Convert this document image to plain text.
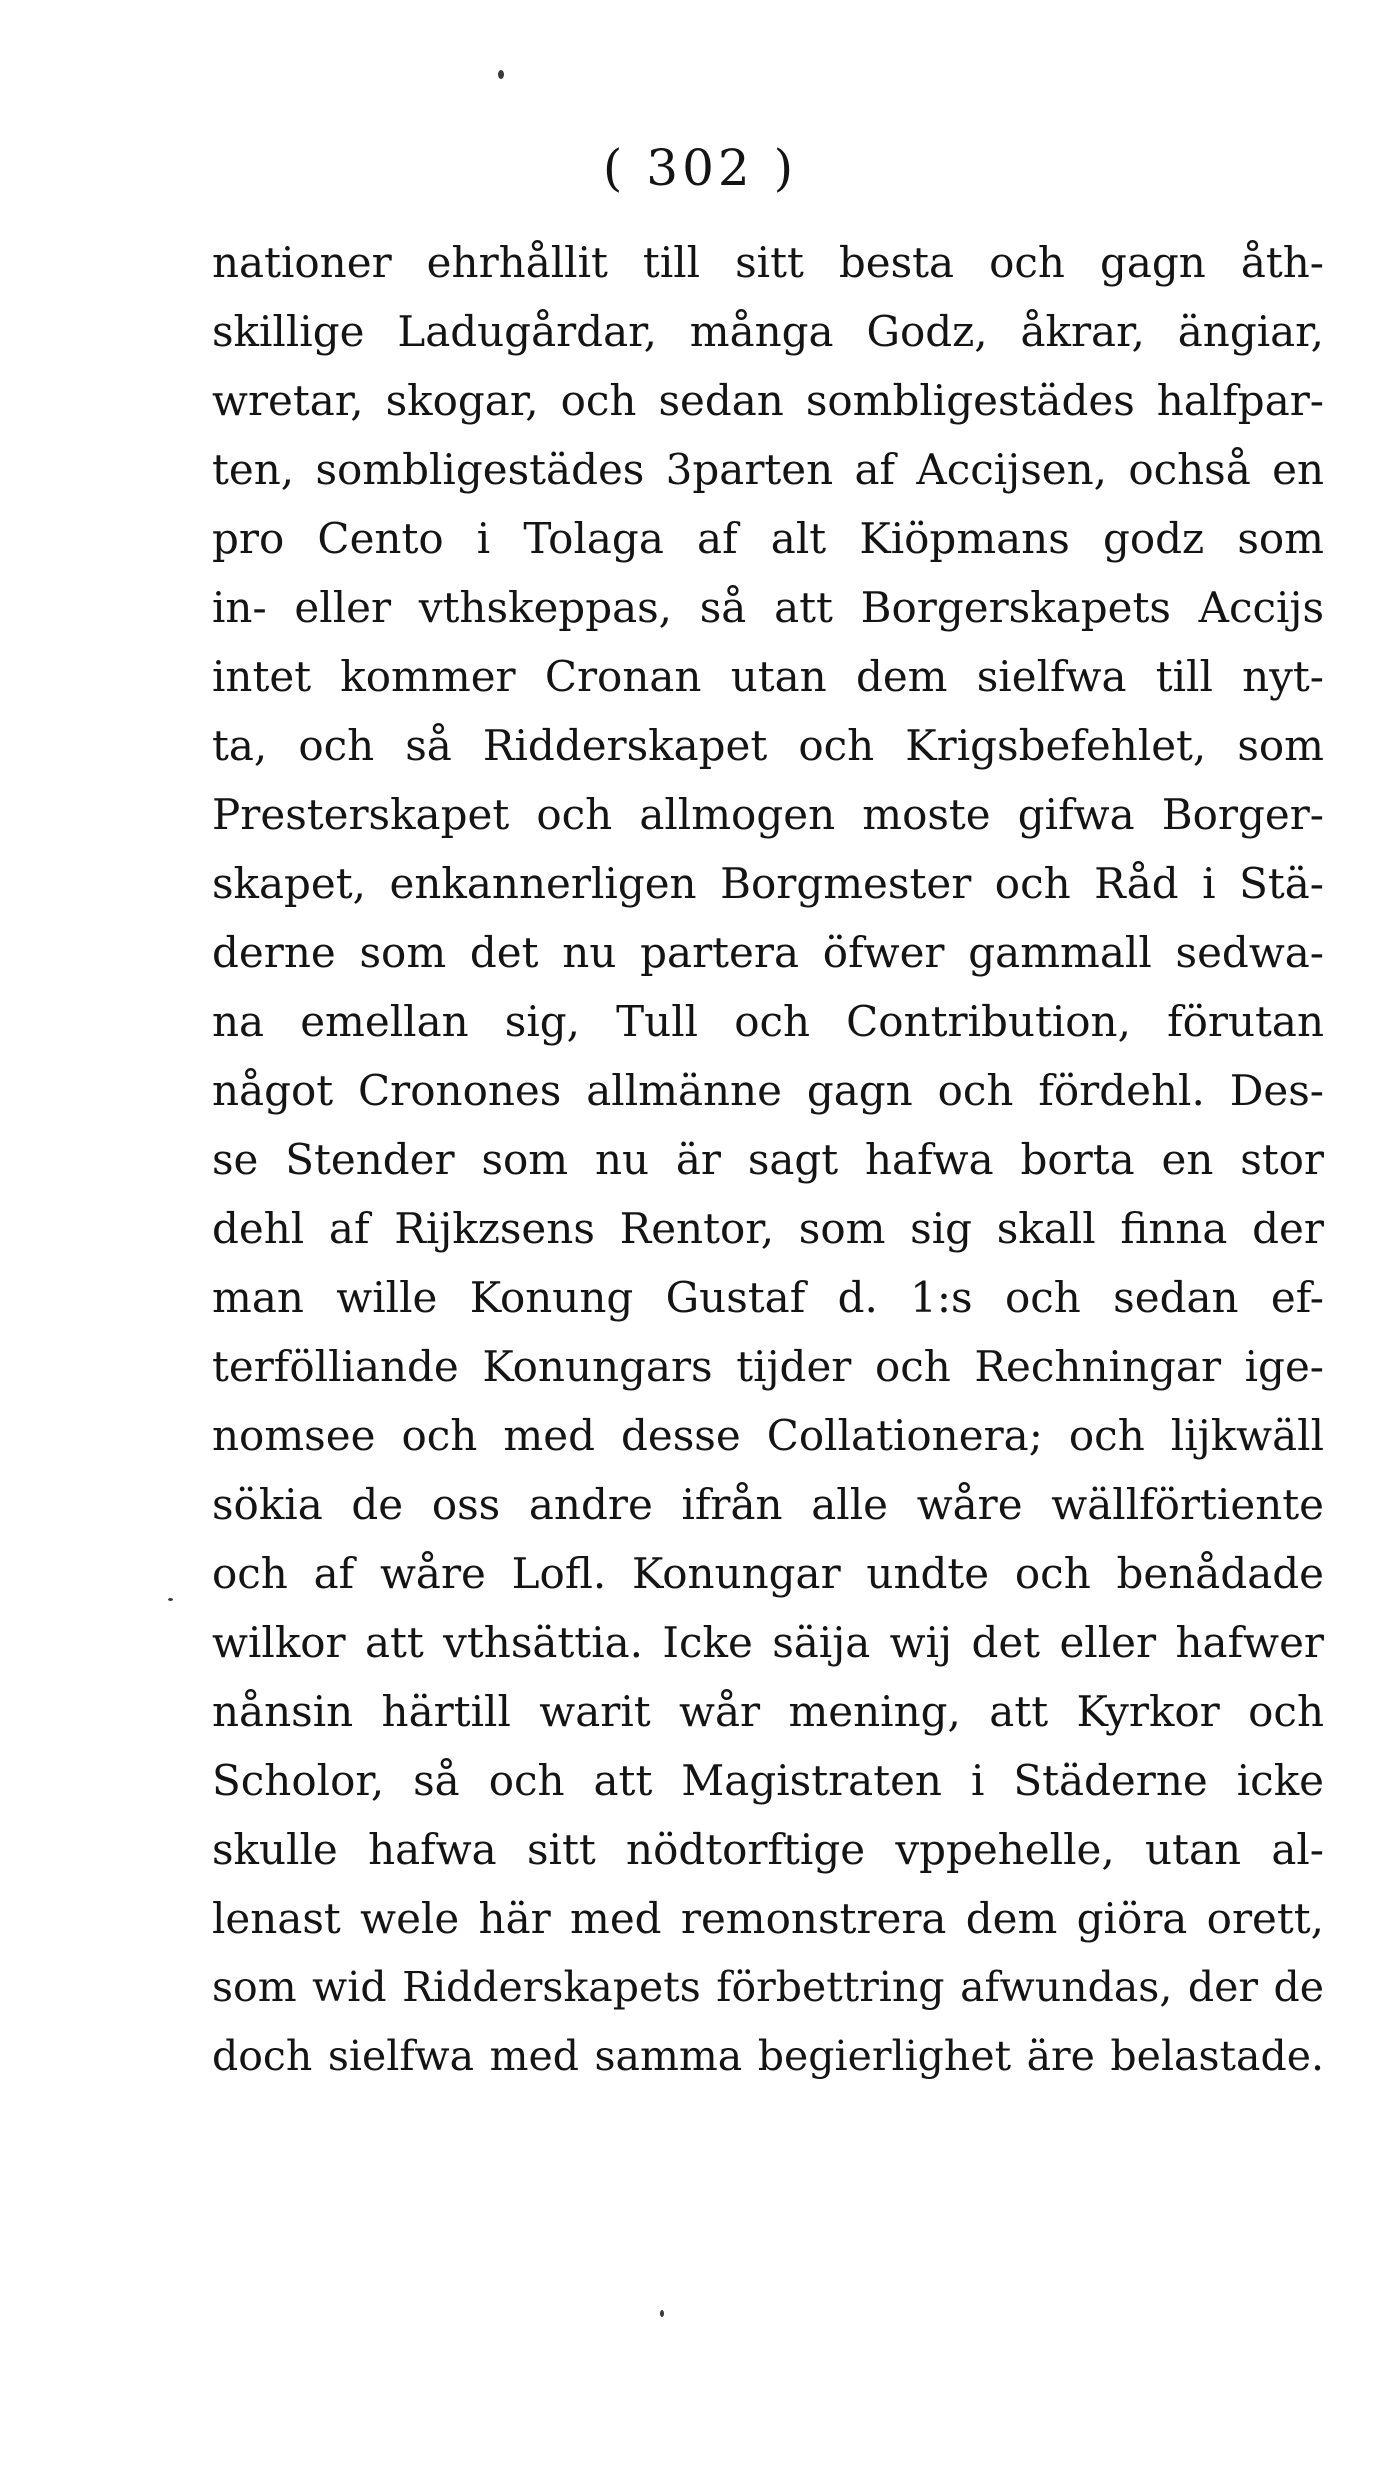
( 302 )
nationer ehrhållit till sitt besta och gagn åth-
skillige Ladugårdar, många Godz, åkrar, ängiar,
wretar, skogar, och sedan sombligestädes halfpar-
ten, sombligestädes 3parten af Accijsen, ochså en
pro Cento i Tolaga af alt Kiöpmans godz som
in- eller vthskeppas, så att Borgerskapets Accijs
intet kommer Cronan utan dem sielfwa till nyt-
ta, och så Ridderskapet och Krigsbefehlet, som
Presterskapet och allmogen moste gifwa Borger-
skapet, enkannerligen Borgmester och Råd i Stä-
derne som det nu partera öfwer gammall sedwa-
na emellan sig, Tull och Contribution, förutan
något Cronones allmänne gagn och fördehl. Des-
se Stender som nu är sagt hafwa borta en stor
dehl af Rijkzsens Rentor, som sig skall finna der
man wille Konung Gustaf d. 1:s och sedan ef-
terfölliande Konungars tijder och Rechningar ige-
nomsee och med desse Collationera; och lijkwäll
sökia de oss andre ifrån alle wåre wällförtiente
och af wåre Lofl. Konungar undte och benådade
wilkor att vthsättia. Icke säija wij det eller hafwer
nånsin härtill warit wår mening, att Kyrkor och
Scholor, så och att Magistraten i Städerne icke
skulle hafwa sitt nödtorftige vppehelle, utan al-
lenast wele här med remonstrera dem giöra orett,
som wid Ridderskapets förbettring afwundas, der de
doch sielfwa med samma begierlighet äre belastade.
